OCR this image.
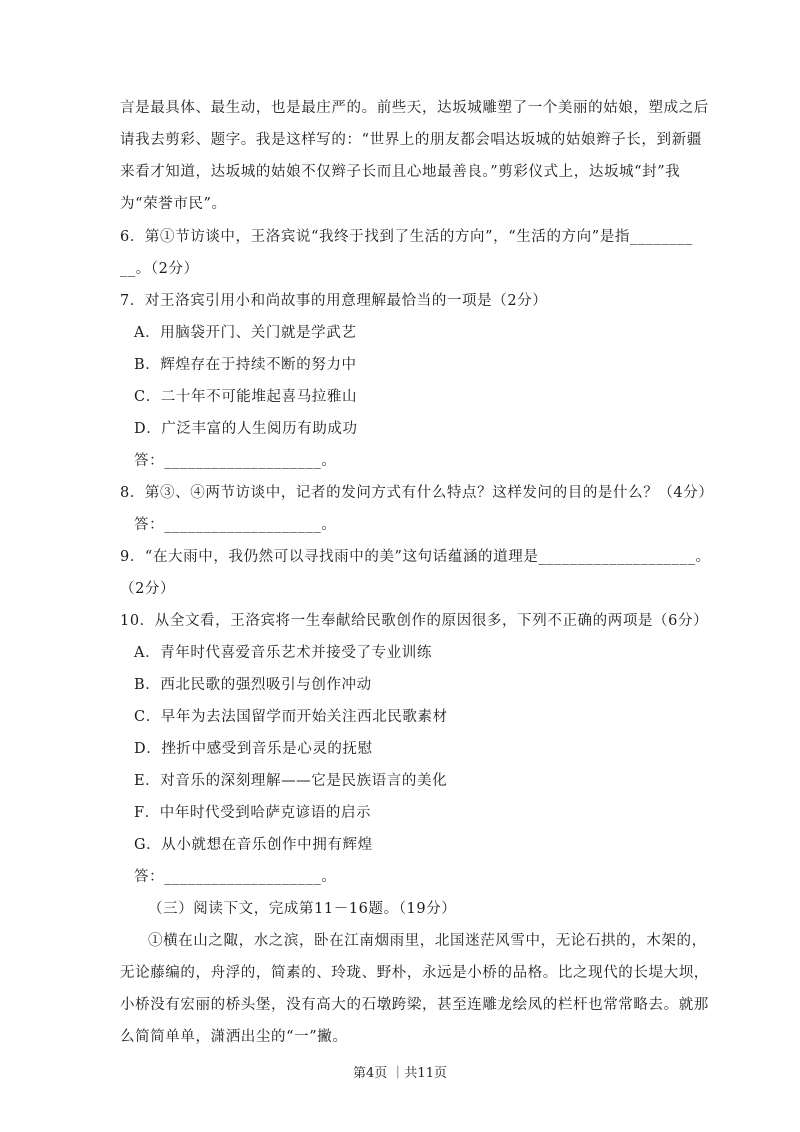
言是最具体、最生动，也是最庄严的。前些天，达坂城雕塑了一个美丽的姑娘，塑成之后
请我去剪彩、题字。我是这样写的：“世界上的朋友都会唱达坂城的姑娘辫子长，到新疆
来看才知道，达坂城的姑娘不仅辫子长而且心地最善良。”剪彩仪式上，达坂城“封”我
为“荣誉市民”。
6．第①节访谈中，王洛宾说“我终于找到了生活的方向”，“生活的方向”是指________
__。（2分）
7．对王洛宾引用小和尚故事的用意理解最恰当的一项是（2分）
A．用脑袋开门、关门就是学武艺
B．辉煌存在于持续不断的努力中
C．二十年不可能堆起喜马拉雅山
D．广泛丰富的人生阅历有助成功
答：____________________。
8．第③、④两节访谈中，记者的发问方式有什么特点？这样发问的目的是什么？（4分）
答：____________________。
9．“在大雨中，我仍然可以寻找雨中的美”这句话蕴涵的道理是____________________。
（2分）
10．从全文看，王洛宾将一生奉献给民歌创作的原因很多，下列不正确的两项是（6分）
A．青年时代喜爱音乐艺术并接受了专业训练
B．西北民歌的强烈吸引与创作冲动
C．早年为去法国留学而开始关注西北民歌素材
D．挫折中感受到音乐是心灵的抚慰
E．对音乐的深刻理解——它是民族语言的美化
F．中年时代受到哈萨克谚语的启示
G．从小就想在音乐创作中拥有辉煌
答：____________________。
（三）阅读下文，完成第11－16题。（19分）
①横在山之陬，水之滨，卧在江南烟雨里，北国迷茫风雪中，无论石拱的，木架的，
无论藤编的，舟浮的，简素的、玲珑、野朴，永远是小桥的品格。比之现代的长堤大坝，
小桥没有宏丽的桥头堡，没有高大的石墩跨梁，甚至连雕龙绘凤的栏杆也常常略去。就那
么简简单单，潇洒出尘的“一”撇。
第4页 ｜共11页
